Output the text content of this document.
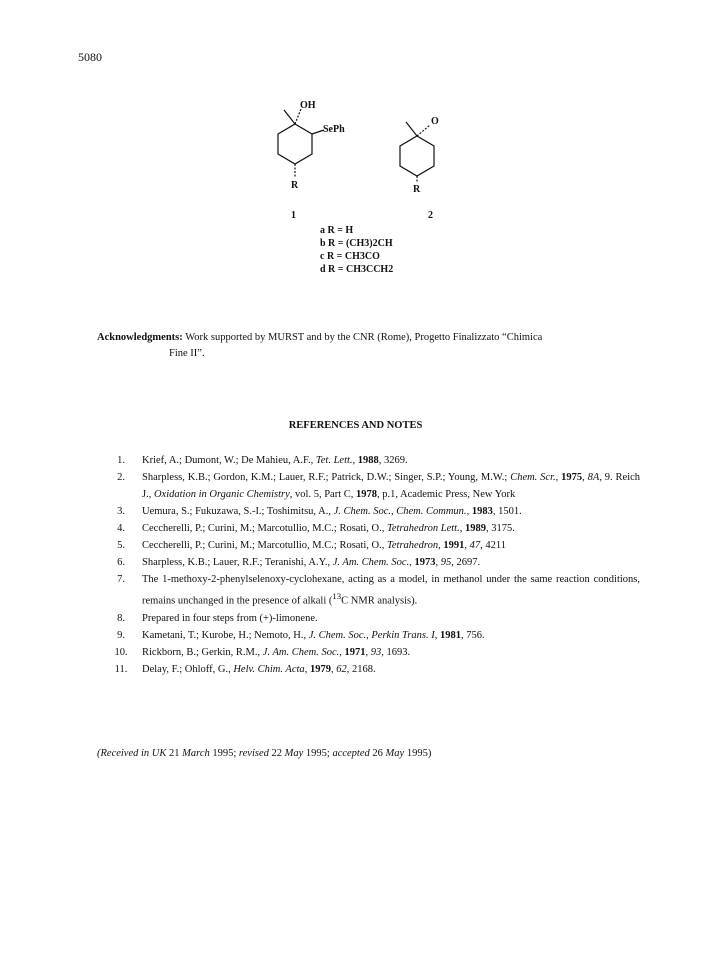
5080
OH
SePh
O
R	R
1	2
a R = H
b R = (CH3)2CH
c R = CH3CO
d R = CH3CCH2
Acknowledgments: Work supported by MURST and by the CNR (Rome), Progetto Finalizzato “Chimica
Fine II”.
REFERENCES AND NOTES
1.	Krief, A.; Dumont, W.; De Mahieu, A.F., Tet. Lett., 1988, 3269.
2.	Sharpless, K.B.; Gordon, K.M.; Lauer, R.F.; Patrick, D.W.; Singer, S.P.; Young, M.W.; Chem. Scr., 1975, 8A, 9. Reich J., Oxidation in Organic Chemistry, vol. 5, Part C, 1978, p.1, Academic Press, New York
3.	Uemura, S.; Fukuzawa, S.-I.; Toshimitsu, A., J. Chem. Soc., Chem. Commun., 1983, 1501.
4.	Ceccherelli, P.; Curini, M.; Marcotullio, M.C.; Rosati, O., Tetrahedron Lett., 1989, 3175.
5.	Ceccherelli, P.; Curini, M.; Marcotullio, M.C.; Rosati, O., Tetrahedron, 1991, 47, 4211
6.	Sharpless, K.B.; Lauer, R.F.; Teranishi, A.Y., J. Am. Chem. Soc., 1973, 95, 2697.
7.	The 1-methoxy-2-phenylselenoxy-cyclohexane, acting as a model, in methanol under the same reaction conditions, remains unchanged in the presence of alkali ($^{13}$C NMR analysis).
8.	Prepared in four steps from (+)-limonene.
9.	Kametani, T.; Kurobe, H.; Nemoto, H., J. Chem. Soc., Perkin Trans. I, 1981, 756.
10.	Rickborn, B.; Gerkin, R.M., J. Am. Chem. Soc., 1971, 93, 1693.
11.	Delay, F.; Ohloff, G., Helv. Chim. Acta, 1979, 62, 2168.
(Received in UK 21 March 1995; revised 22 May 1995; accepted 26 May 1995)
